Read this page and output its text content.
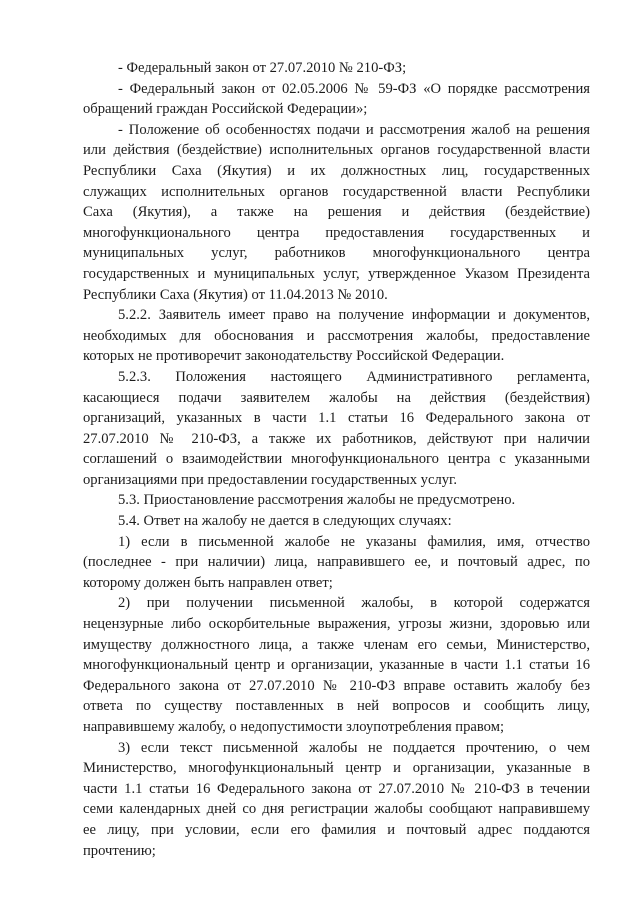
- Федеральный закон от 27.07.2010 № 210-ФЗ;
- Федеральный закон от 02.05.2006 № 59-ФЗ «О порядке рассмотрения
обращений граждан Российской Федерации»;
- Положение об особенностях подачи и рассмотрения жалоб на решения
или действия (бездействие) исполнительных органов государственной власти
Республики Саха (Якутия) и их должностных лиц, государственных
служащих исполнительных органов государственной власти Республики
Саха (Якутия), а также на решения и действия (бездействие)
многофункционального центра предоставления государственных и
муниципальных услуг, работников многофункционального центра
государственных и муниципальных услуг, утвержденное Указом Президента
Республики Саха (Якутия) от 11.04.2013 № 2010.
5.2.2. Заявитель имеет право на получение информации и документов,
необходимых для обоснования и рассмотрения жалобы, предоставление
которых не противоречит законодательству Российской Федерации.
5.2.3. Положения настоящего Административного регламента,
касающиеся подачи заявителем жалобы на действия (бездействия)
организаций, указанных в части 1.1 статьи 16 Федерального закона от
27.07.2010 № 210-ФЗ, а также их работников, действуют при наличии
соглашений о взаимодействии многофункционального центра с указанными
организациями при предоставлении государственных услуг.
5.3. Приостановление рассмотрения жалобы не предусмотрено.
5.4. Ответ на жалобу не дается в следующих случаях:
1) если в письменной жалобе не указаны фамилия, имя, отчество
(последнее - при наличии) лица, направившего ее, и почтовый адрес, по
которому должен быть направлен ответ;
2) при получении письменной жалобы, в которой содержатся
нецензурные либо оскорбительные выражения, угрозы жизни, здоровью или
имуществу должностного лица, а также членам его семьи, Министерство,
многофункциональный центр и организации, указанные в части 1.1 статьи 16
Федерального закона от 27.07.2010 № 210-ФЗ вправе оставить жалобу без
ответа по существу поставленных в ней вопросов и сообщить лицу,
направившему жалобу, о недопустимости злоупотребления правом;
3) если текст письменной жалобы не поддается прочтению, о чем
Министерство, многофункциональный центр и организации, указанные в
части 1.1 статьи 16 Федерального закона от 27.07.2010 № 210-ФЗ в течении
семи календарных дней со дня регистрации жалобы сообщают направившему
ее лицу, при условии, если его фамилия и почтовый адрес поддаются
прочтению;
